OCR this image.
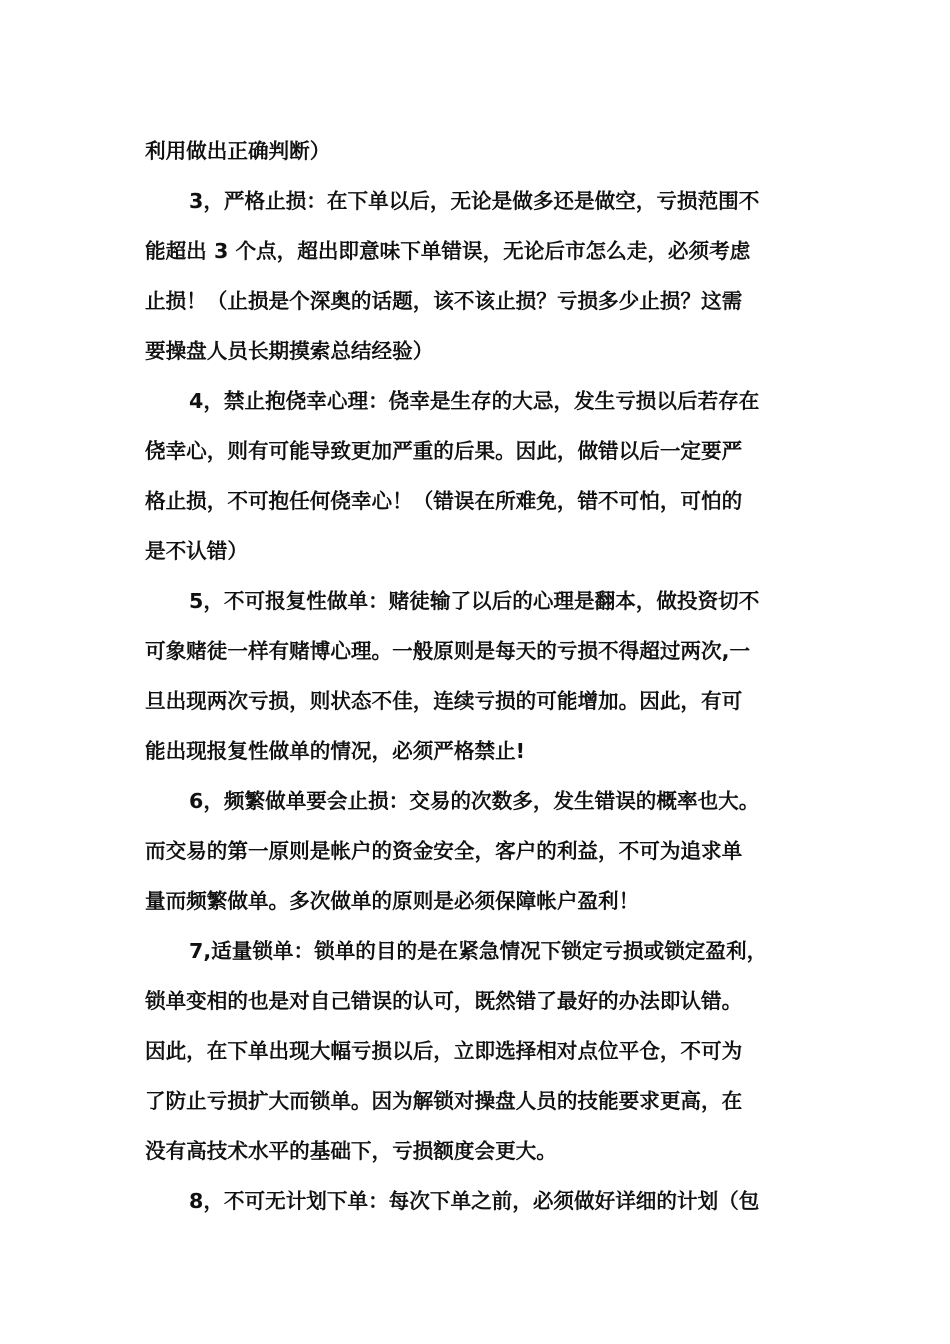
利用做出正确判断）
3，严格止损：在下单以后，无论是做多还是做空，亏损范围不
能超出 3 个点，超出即意味下单错误，无论后市怎么走，必须考虑
止损！（止损是个深奥的话题，该不该止损？亏损多少止损？这需
要操盘人员长期摸索总结经验）
4，禁止抱侥幸心理：侥幸是生存的大忌，发生亏损以后若存在
侥幸心，则有可能导致更加严重的后果。因此，做错以后一定要严
格止损，不可抱任何侥幸心！（错误在所难免，错不可怕，可怕的
是不认错）
5，不可报复性做单：赌徒输了以后的心理是翻本，做投资切不
可象赌徒一样有赌博心理。一般原则是每天的亏损不得超过两次,一
旦出现两次亏损，则状态不佳，连续亏损的可能增加。因此，有可
能出现报复性做单的情况，必须严格禁止!
6，频繁做单要会止损：交易的次数多，发生错误的概率也大。
而交易的第一原则是帐户的资金安全，客户的利益，不可为追求单
量而频繁做单。多次做单的原则是必须保障帐户盈利！
7,适量锁单：锁单的目的是在紧急情况下锁定亏损或锁定盈利，
锁单变相的也是对自己错误的认可，既然错了最好的办法即认错。
因此，在下单出现大幅亏损以后，立即选择相对点位平仓，不可为
了防止亏损扩大而锁单。因为解锁对操盘人员的技能要求更高，在
没有高技术水平的基础下，亏损额度会更大。
8，不可无计划下单：每次下单之前，必须做好详细的计划（包
